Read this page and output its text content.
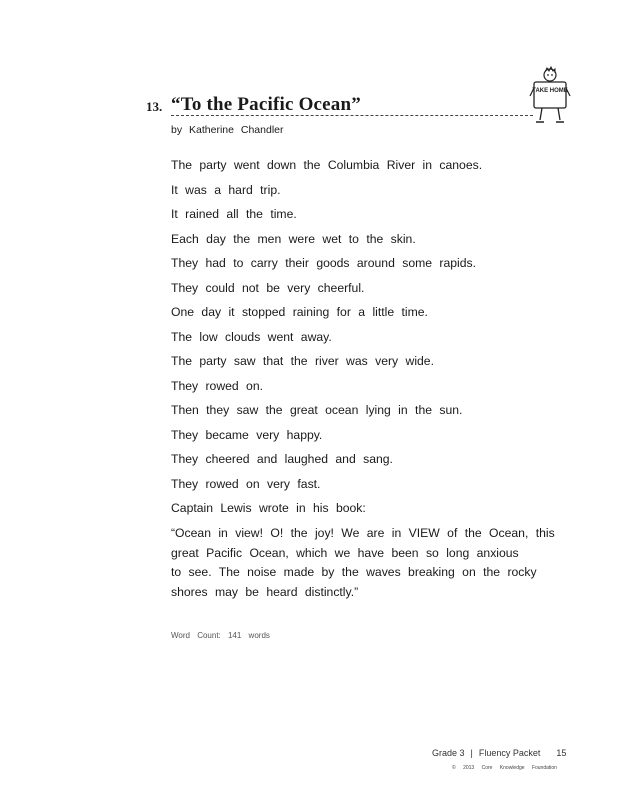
13. “To the Pacific Ocean”
by Katherine Chandler
TAKE HOME
The party went down the Columbia River in canoes.
It was a hard trip.
It rained all the time.
Each day the men were wet to the skin.
They had to carry their goods around some rapids.
They could not be very cheerful.
One day it stopped raining for a little time.
The low clouds went away.
The party saw that the river was very wide.
They rowed on.
Then they saw the great ocean lying in the sun.
They became very happy.
They cheered and laughed and sang.
They rowed on very fast.
Captain Lewis wrote in his book:
“Ocean in view! O! the joy! We are in VIEW of the Ocean, this
great Pacific Ocean, which we have been so long anxious
to see. The noise made by the waves breaking on the rocky
shores may be heard distinctly.”
Word Count: 141 words
Grade 3 | Fluency Packet 15
© 2013 Core Knowledge Foundation
